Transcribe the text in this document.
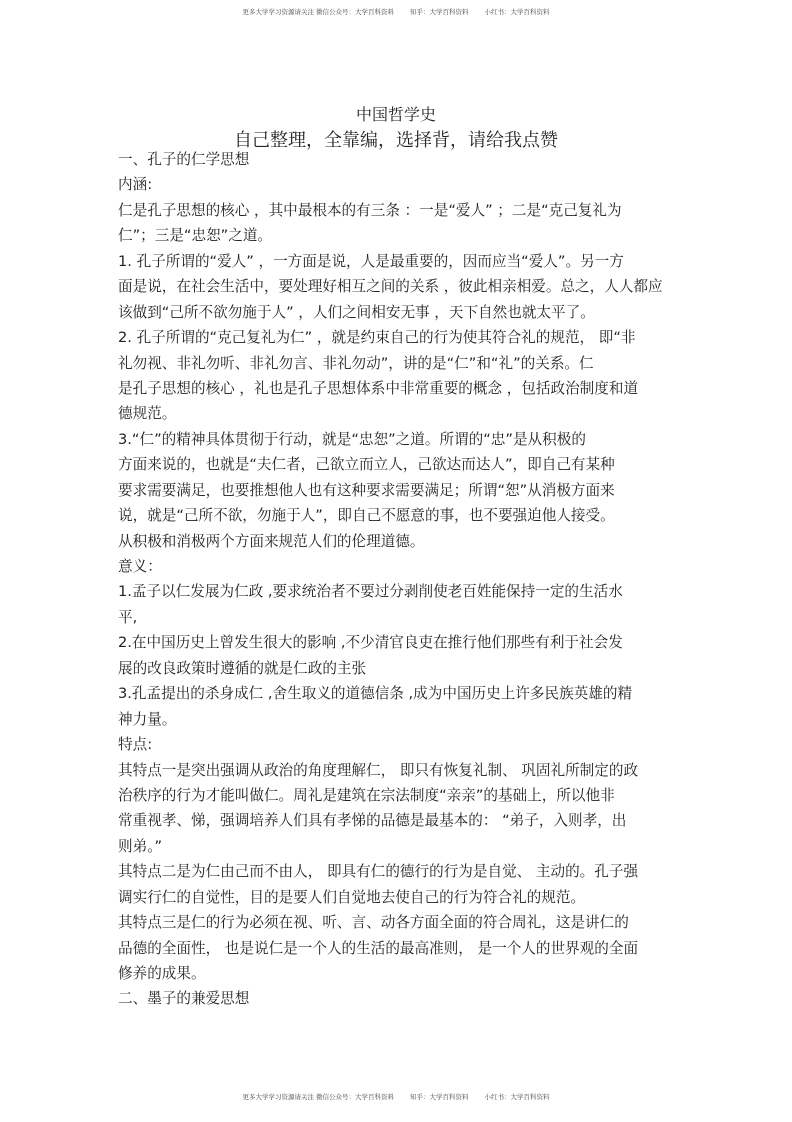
更多大学学习资源请关注 微信公众号：大学百科资料 知乎：大学百科资料 小红书：大学百科资料
中国哲学史
自己整理，全靠编，选择背，请给我点赞
一、孔子的仁学思想
内涵:
仁是孔子思想的核心 ，其中最根本的有三条 ：一是“爱人” ；二是“克己复礼为
仁”；三是“忠恕”之道。
1. 孔子所谓的“爱人” ，一方面是说，人是最重要的，因而应当“爱人”。另一方
面是说，在社会生活中，要处理好相互之间的关系 ，彼此相亲相爱。总之，人人都应
该做到“己所不欲勿施于人” ，人们之间相安无事 ，天下自然也就太平了。
2. 孔子所谓的“克己复礼为仁” ，就是约束自己的行为使其符合礼的规范， 即“非
礼勿视、非礼勿听、非礼勿言、非礼勿动”，讲的是“仁”和“礼”的关系。仁
是孔子思想的核心 ，礼也是孔子思想体系中非常重要的概念 ，包括政治制度和道
德规范。
3.“仁”的精神具体贯彻于行动，就是“忠恕”之道。所谓的“忠”是从积极的
方面来说的，也就是“夫仁者，己欲立而立人，己欲达而达人”，即自己有某种
要求需要满足，也要推想他人也有这种要求需要满足；所谓“恕”从消极方面来
说，就是“己所不欲，勿施于人”，即自己不愿意的事，也不要强迫他人接受。
从积极和消极两个方面来规范人们的伦理道德。
意义：
1.孟子以仁发展为仁政 ,要求统治者不要过分剥削使老百姓能保持一定的生活水
平,
2.在中国历史上曾发生很大的影响 ,不少清官良吏在推行他们那些有利于社会发
展的改良政策时遵循的就是仁政的主张
3.孔孟提出的杀身成仁 ,舍生取义的道德信条 ,成为中国历史上许多民族英雄的精
神力量。
特点:
其特点一是突出强调从政治的角度理解仁， 即只有恢复礼制、 巩固礼所制定的政
治秩序的行为才能叫做仁。周礼是建筑在宗法制度“亲亲”的基础上，所以他非
常重视孝、悌，强调培养人们具有孝悌的品德是最基本的： “弟子，入则孝，出
则弟。”
其特点二是为仁由己而不由人， 即具有仁的德行的行为是自觉、 主动的。孔子强
调实行仁的自觉性，目的是要人们自觉地去使自己的行为符合礼的规范。
其特点三是仁的行为必须在视、听、言、动各方面全面的符合周礼，这是讲仁的
品德的全面性， 也是说仁是一个人的生活的最高准则， 是一个人的世界观的全面
修养的成果。
二、墨子的兼爱思想
更多大学学习资源请关注 微信公众号：大学百科资料 知乎：大学百科资料 小红书：大学百科资料
